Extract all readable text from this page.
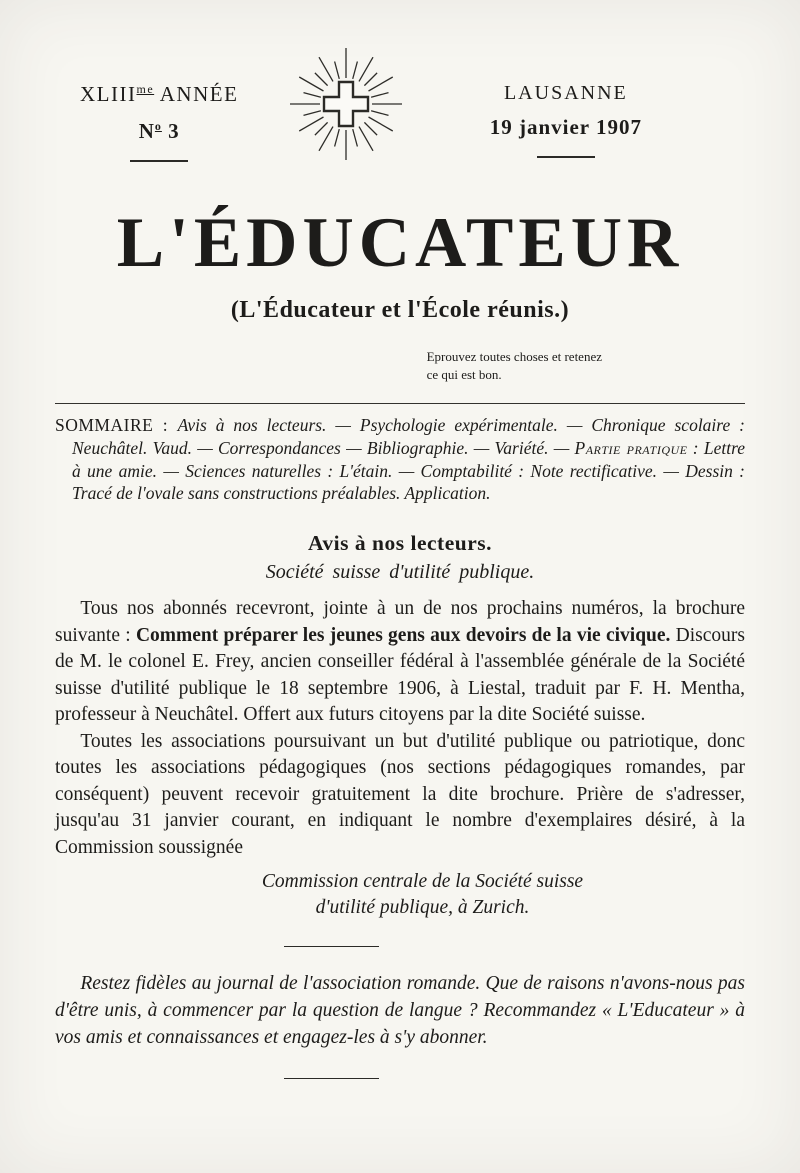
$XLIII^{me}$ ANNÉE
$N^o$ 3
LAUSANNE
19 janvier 1907
L'ÉDUCATEUR
(L'Éducateur et l'École réunis.)
Eprouvez toutes choses et retenez
ce qui est bon.

SOMMAIRE : Avis à nos lecteurs. — Psychologie expérimentale. — Chronique scolaire : Neuchâtel. Vaud. — Correspondances — Bibliographie. — Variété. — Partie pratique : Lettre à une amie. — Sciences naturelles : L'étain. — Comptabilité : Note rectificative. — Dessin : Tracé de l'ovale sans constructions préalables. Application.

Avis à nos lecteurs.
Société suisse d'utilité publique.

Tous nos abonnés recevront, jointe à un de nos prochains numéros, la brochure suivante : Comment préparer les jeunes gens aux devoirs de la vie civique. Discours de M. le colonel E. Frey, ancien conseiller fédéral à l'assemblée générale de la Société suisse d'utilité publique le 18 septembre 1906, à Liestal, traduit par F. H. Mentha, professeur à Neuchâtel. Offert aux futurs citoyens par la dite Société suisse.

Toutes les associations poursuivant un but d'utilité publique ou patriotique, donc toutes les associations pédagogiques (nos sections pédagogiques romandes, par conséquent) peuvent recevoir gratuitement la dite brochure. Prière de s'adresser, jusqu'au 31 janvier courant, en indiquant le nombre d'exemplaires désiré, à la Commission soussignée

Commission centrale de la Société suisse
d'utilité publique, à Zurich.

Restez fidèles au journal de l'association romande. Que de raisons n'avons-nous pas d'être unis, à commencer par la question de langue ? Recommandez « L'Educateur » à vos amis et connaissances et engagez-les à s'y abonner.
